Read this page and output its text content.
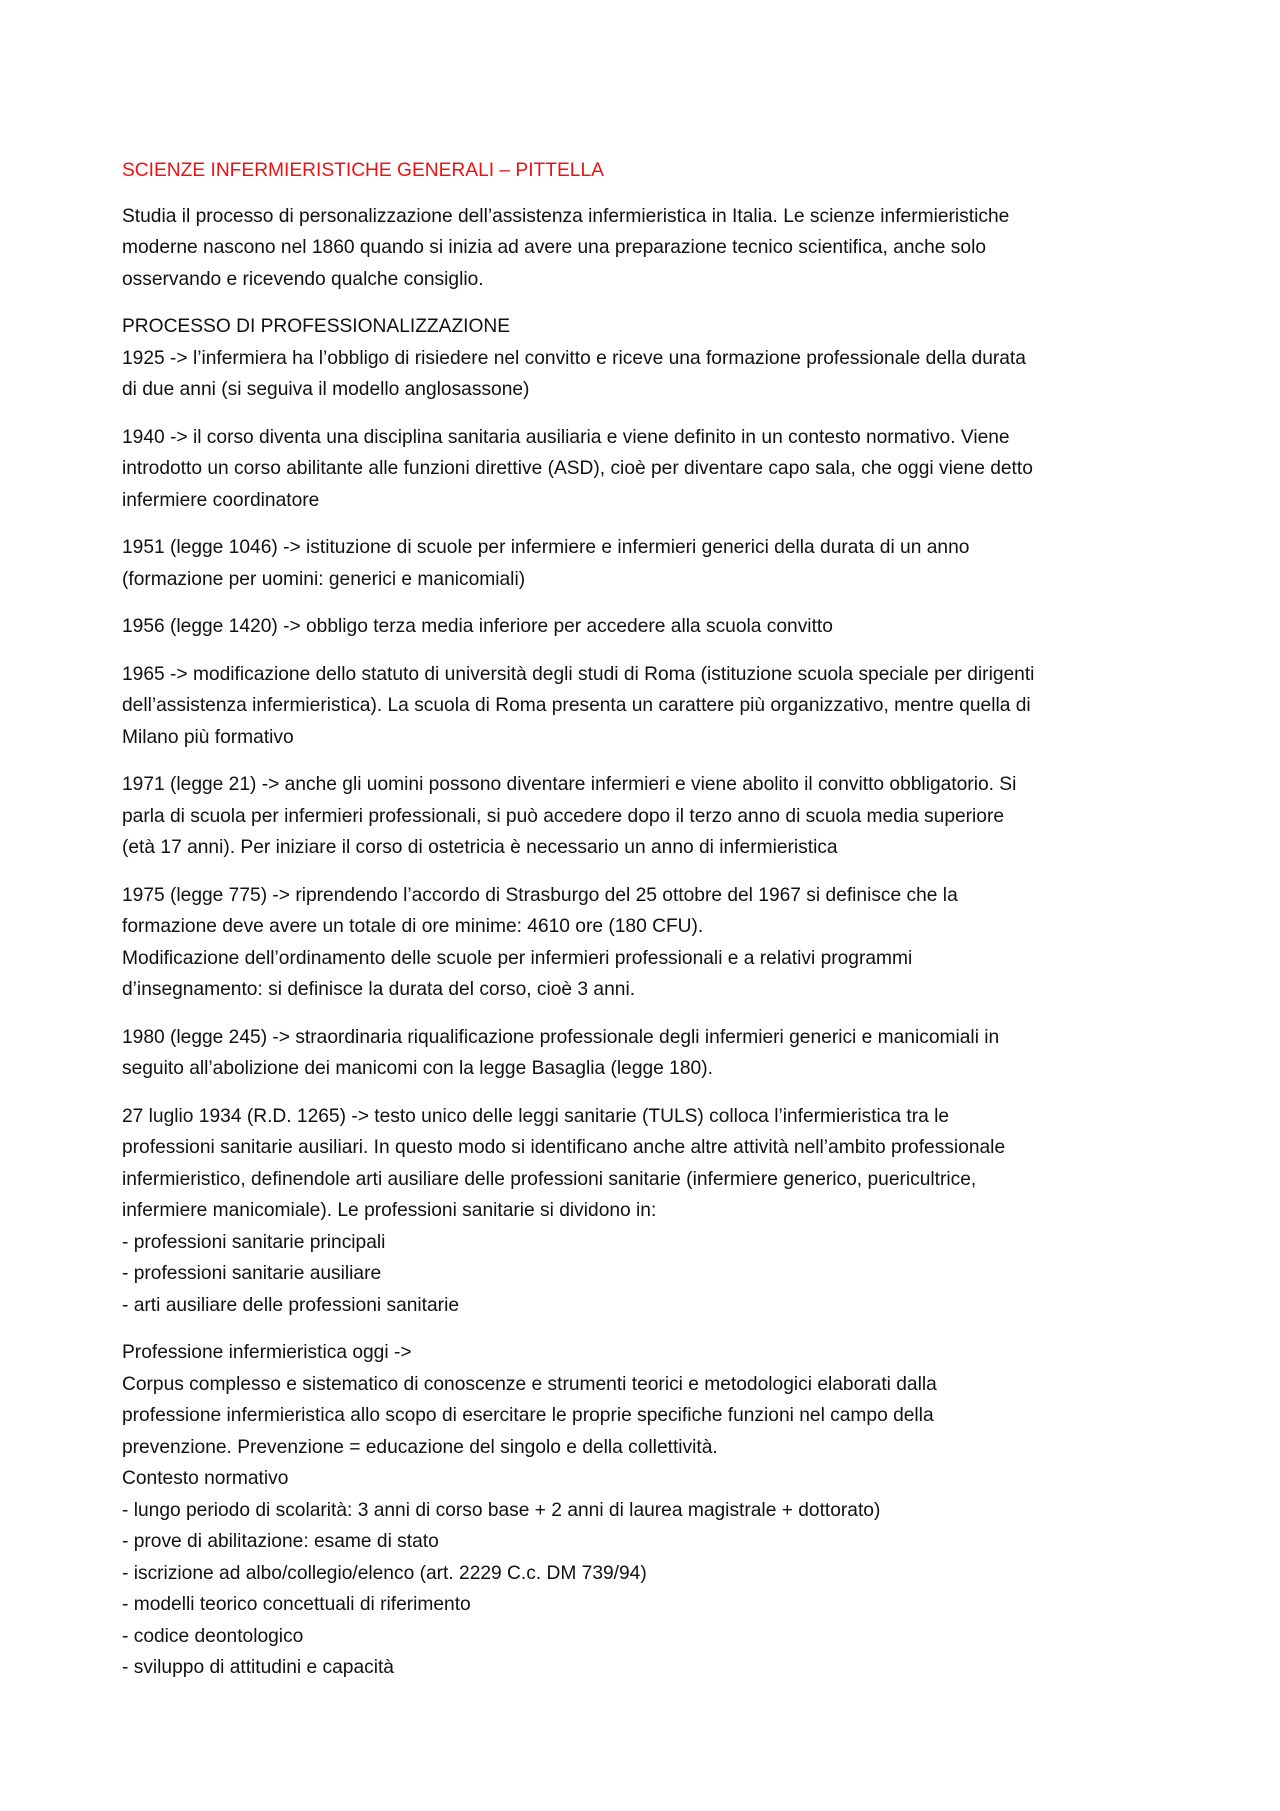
SCIENZE INFERMIERISTICHE GENERALI – PITTELLA
Studia il processo di personalizzazione dell’assistenza infermieristica in Italia. Le scienze infermieristiche
moderne nascono nel 1860 quando si inizia ad avere una preparazione tecnico scientifica, anche solo
osservando e ricevendo qualche consiglio.
PROCESSO DI PROFESSIONALIZZAZIONE
1925 -> l’infermiera ha l’obbligo di risiedere nel convitto e riceve una formazione professionale della durata
di due anni (si seguiva il modello anglosassone)
1940 -> il corso diventa una disciplina sanitaria ausiliaria e viene definito in un contesto normativo. Viene
introdotto un corso abilitante alle funzioni direttive (ASD), cioè per diventare capo sala, che oggi viene detto
infermiere coordinatore
1951 (legge 1046) -> istituzione di scuole per infermiere e infermieri generici della durata di un anno
(formazione per uomini: generici e manicomiali)
1956 (legge 1420) -> obbligo terza media inferiore per accedere alla scuola convitto
1965 -> modificazione dello statuto di università degli studi di Roma (istituzione scuola speciale per dirigenti
dell’assistenza infermieristica). La scuola di Roma presenta un carattere più organizzativo, mentre quella di
Milano più formativo
1971 (legge 21) -> anche gli uomini possono diventare infermieri e viene abolito il convitto obbligatorio. Si
parla di scuola per infermieri professionali, si può accedere dopo il terzo anno di scuola media superiore
(età 17 anni). Per iniziare il corso di ostetricia è necessario un anno di infermieristica
1975 (legge 775) -> riprendendo l’accordo di Strasburgo del 25 ottobre del 1967 si definisce che la
formazione deve avere un totale di ore minime: 4610 ore (180 CFU).
Modificazione dell’ordinamento delle scuole per infermieri professionali e a relativi programmi
d’insegnamento: si definisce la durata del corso, cioè 3 anni.
1980 (legge 245) -> straordinaria riqualificazione professionale degli infermieri generici e manicomiali in
seguito all’abolizione dei manicomi con la legge Basaglia (legge 180).
27 luglio 1934 (R.D. 1265) -> testo unico delle leggi sanitarie (TULS) colloca l’infermieristica tra le
professioni sanitarie ausiliari. In questo modo si identificano anche altre attività nell’ambito professionale
infermieristico, definendole arti ausiliare delle professioni sanitarie (infermiere generico, puericultrice,
infermiere manicomiale). Le professioni sanitarie si dividono in:
- professioni sanitarie principali
- professioni sanitarie ausiliare
- arti ausiliare delle professioni sanitarie
Professione infermieristica oggi ->
Corpus complesso e sistematico di conoscenze e strumenti teorici e metodologici elaborati dalla
professione infermieristica allo scopo di esercitare le proprie specifiche funzioni nel campo della
prevenzione. Prevenzione = educazione del singolo e della collettività.
Contesto normativo
- lungo periodo di scolarità: 3 anni di corso base + 2 anni di laurea magistrale + dottorato)
- prove di abilitazione: esame di stato
- iscrizione ad albo/collegio/elenco (art. 2229 C.c. DM 739/94)
- modelli teorico concettuali di riferimento
- codice deontologico
- sviluppo di attitudini e capacità
